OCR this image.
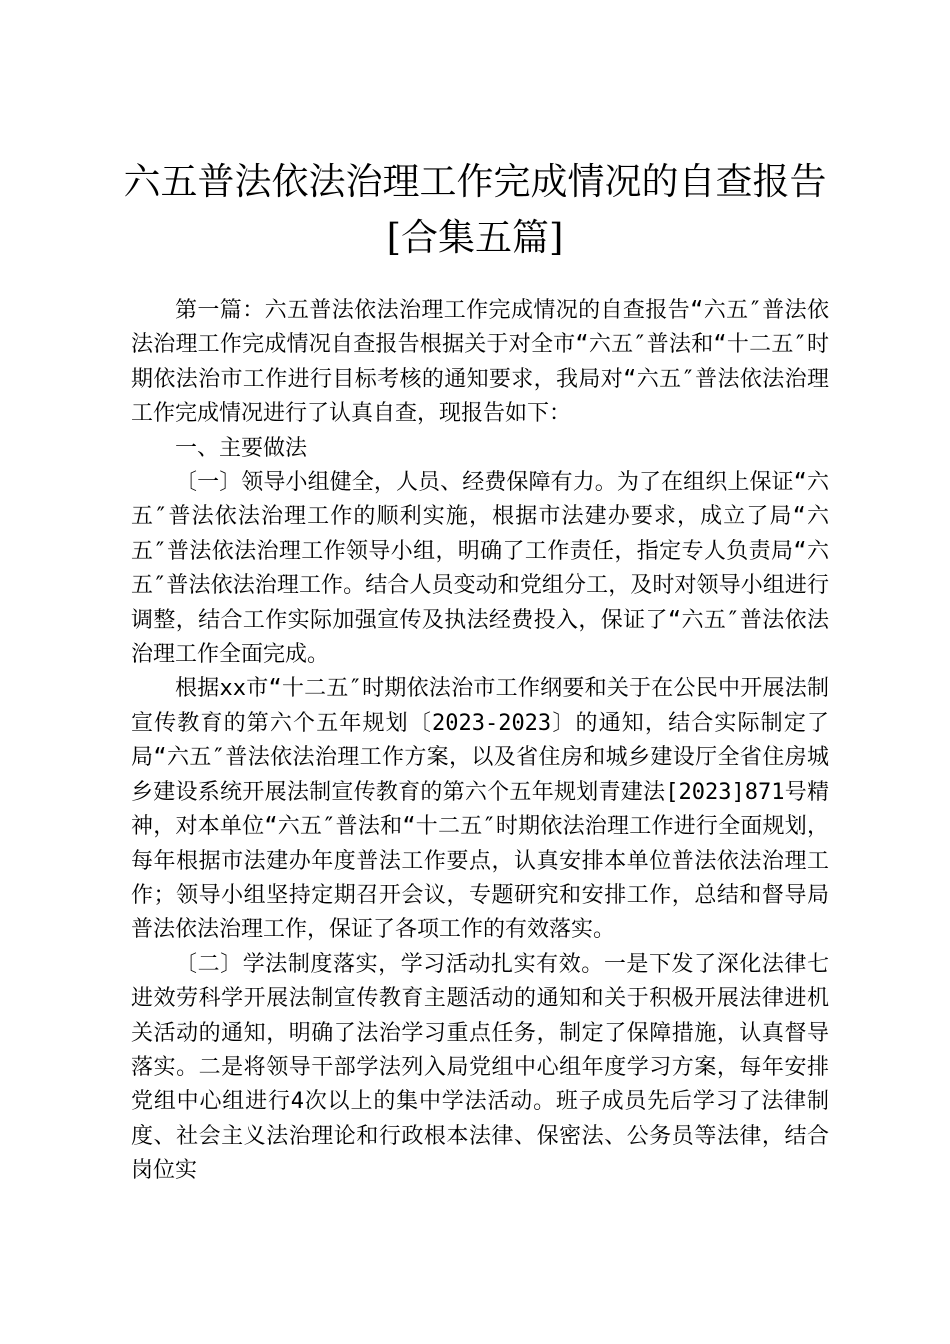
六五普法依法治理工作完成情况的自查报告
[合集五篇]

第一篇：六五普法依法治理工作完成情况的自查报告“六五″普法依法治理工作完成情况自查报告根据关于对全市“六五″普法和“十二五″时期依法治市工作进行目标考核的通知要求，我局对“六五″普法依法治理工作完成情况进行了认真自查，现报告如下：

一、主要做法

〔一〕领导小组健全，人员、经费保障有力。为了在组织上保证“六五″普法依法治理工作的顺利实施，根据市法建办要求，成立了局“六五″普法依法治理工作领导小组，明确了工作责任，指定专人负责局“六五″普法依法治理工作。结合人员变动和党组分工，及时对领导小组进行调整，结合工作实际加强宣传及执法经费投入，保证了“六五″普法依法治理工作全面完成。

根据xx市“十二五″时期依法治市工作纲要和关于在公民中开展法制宣传教育的第六个五年规划〔2023-2023〕的通知，结合实际制定了局“六五″普法依法治理工作方案，以及省住房和城乡建设厅全省住房城乡建设系统开展法制宣传教育的第六个五年规划青建法[2023]871号精神，对本单位“六五″普法和“十二五″时期依法治理工作进行全面规划，每年根据市法建办年度普法工作要点，认真安排本单位普法依法治理工作；领导小组坚持定期召开会议，专题研究和安排工作，总结和督导局普法依法治理工作，保证了各项工作的有效落实。

〔二〕学法制度落实，学习活动扎实有效。一是下发了深化法律七进效劳科学开展法制宣传教育主题活动的通知和关于积极开展法律进机关活动的通知，明确了法治学习重点任务，制定了保障措施，认真督导落实。二是将领导干部学法列入局党组中心组年度学习方案，每年安排党组中心组进行4次以上的集中学法活动。班子成员先后学习了法律制度、社会主义法治理论和行政根本法律、保密法、公务员等法律，结合岗位实
